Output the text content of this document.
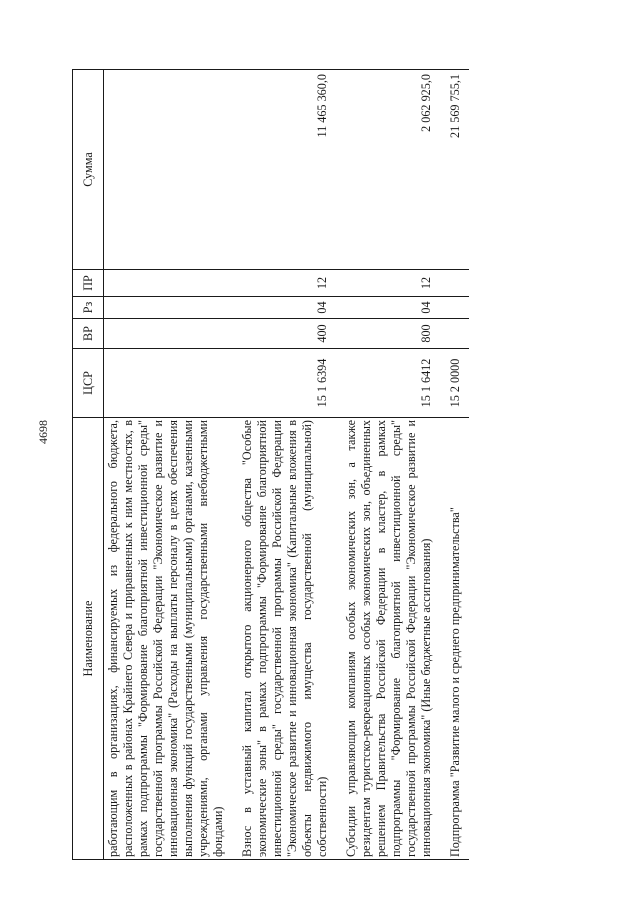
4698
Наименование	ЦСР	ВР	Рз	ПР	Сумма
работающим в организациях, финансируемых из федерального бюджета, расположенных в районах Крайнего Севера и приравненных к ним местностях, в рамках подпрограммы "Формирование благоприятной инвестиционной среды" государственной программы Российской Федерации "Экономическое развитие и инновационная экономика" (Расходы на выплаты персоналу в целях обеспечения выполнения функций государственными (муниципальными) органами, казенными учреждениями, органами управления государственными внебюджетными фондами)					
Взнос в уставный капитал открытого акционерного общества "Особые экономические зоны" в рамках подпрограммы "Формирование благоприятной инвестиционной среды" государственной программы Российской Федерации "Экономическое развитие и инновационная экономика" (Капитальные вложения в объекты недвижимого имущества государственной (муниципальной) собственности)	15 1 6394	400	04	12	11 465 360,0
Субсидии управляющим компаниям особых экономических зон, а также резидентам туристско-рекреационных особых экономических зон, объединенных решением Правительства Российской Федерации в кластер, в рамках подпрограммы "Формирование благоприятной инвестиционной среды" государственной программы Российской Федерации "Экономическое развитие и инновационная экономика" (Иные бюджетные ассигнования)	15 1 6412	800	04	12	2 062 925,0
Подпрограмма "Развитие малого и среднего предпринимательства"	15 2 0000				21 569 755,1
